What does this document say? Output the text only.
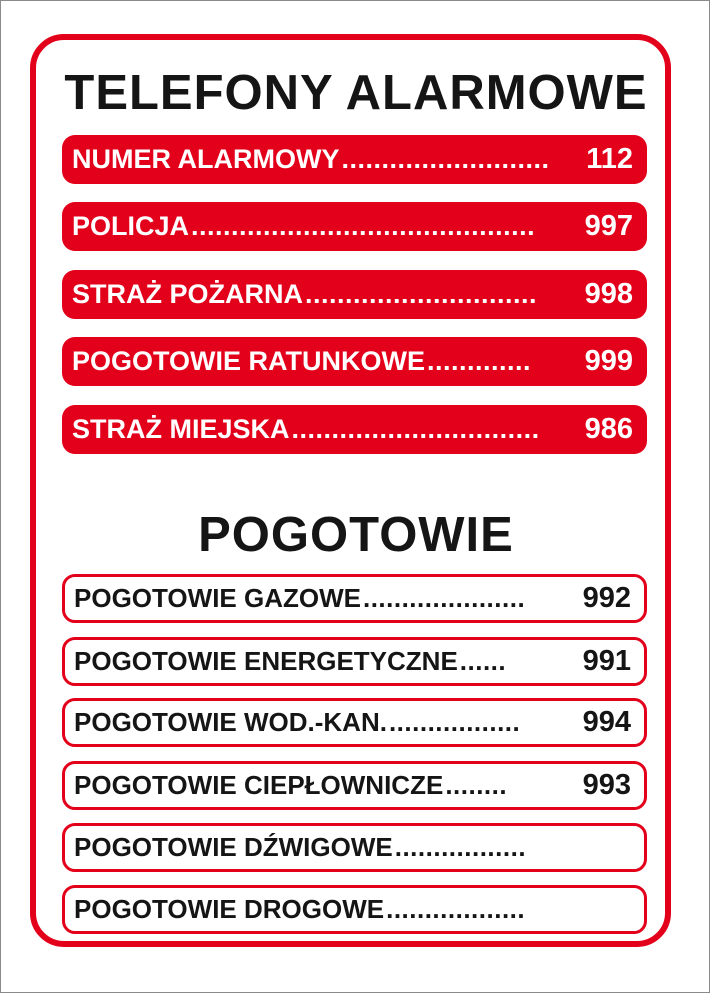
TELEFONY ALARMOWE
NUMER ALARMOWY ..........................	112
POLICJA ...........................................	997
STRAŻ POŻARNA .............................	998
POGOTOWIE RATUNKOWE .............	999
STRAŻ MIEJSKA ...............................	986
POGOTOWIE
POGOTOWIE GAZOWE .....................	992
POGOTOWIE ENERGETYCZNE ......	991
POGOTOWIE WOD.-KAN. .................	994
POGOTOWIE CIEPŁOWNICZE ........	993
POGOTOWIE DŹWIGOWE .................
POGOTOWIE DROGOWE ..................
